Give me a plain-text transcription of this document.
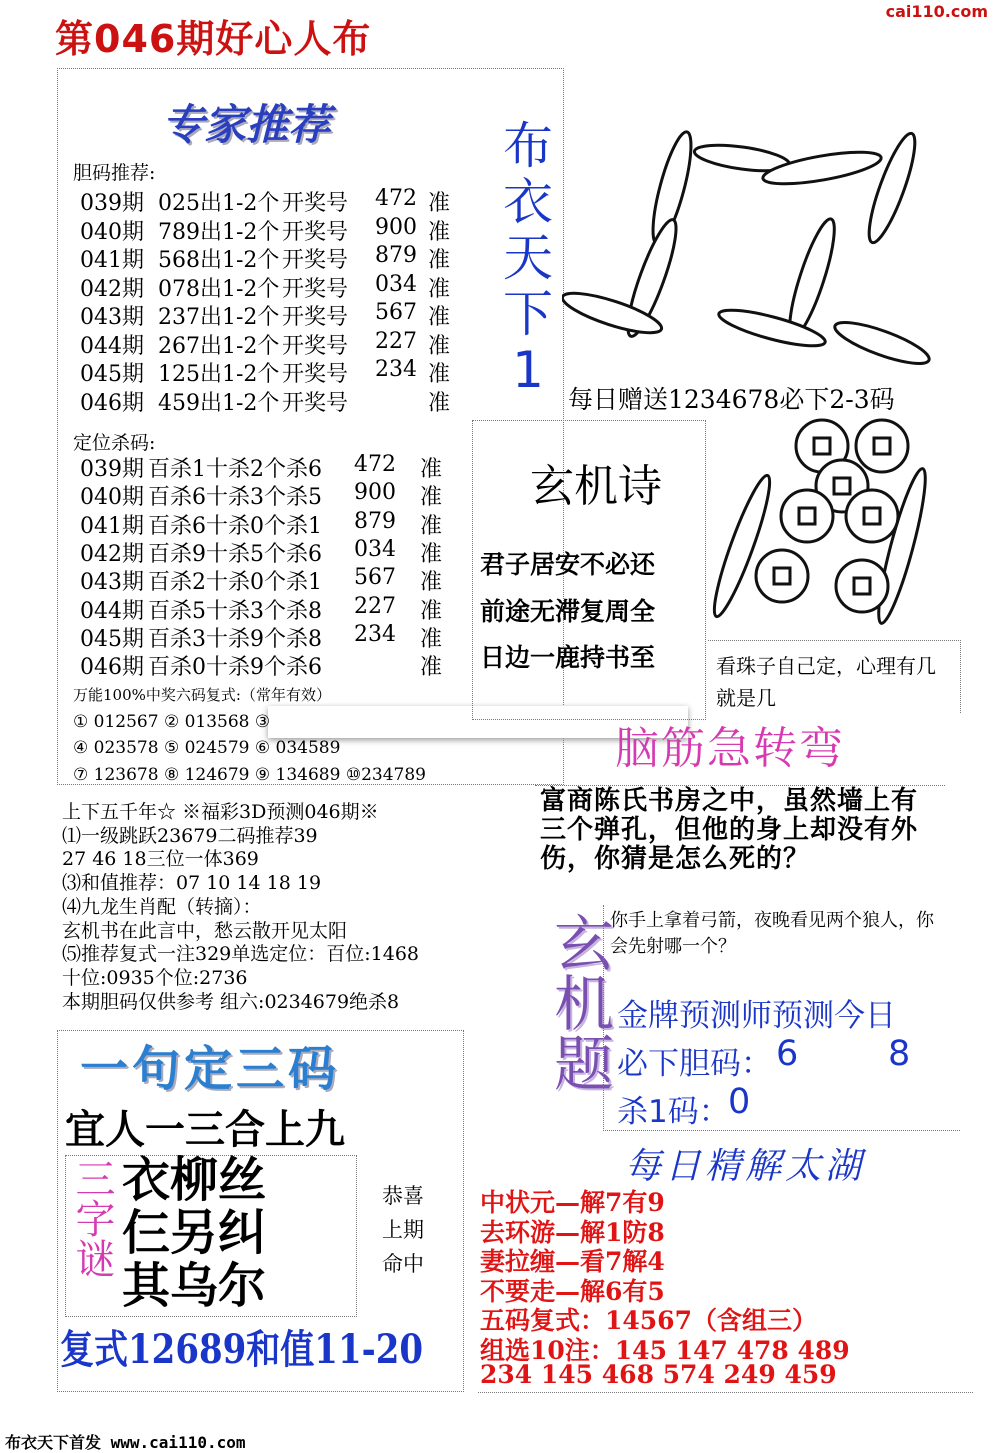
第046期好心人布
cai110.com
专家推荐
胆码推荐:
039期 025出1-2个 开奖号 472 准
040期 789出1-2个 开奖号 900 准
041期 568出1-2个 开奖号 879 准
042期 078出1-2个 开奖号 034 准
043期 237出1-2个 开奖号 567 准
044期 267出1-2个 开奖号 227 准
045期 125出1-2个 开奖号 234 准
046期 459出1-2个 开奖号	准
定位杀码:
039期 百杀1十杀2个杀6 472 准
040期 百杀6十杀3个杀5 900 准
041期 百杀6十杀0个杀1 879 准
042期 百杀9十杀5个杀6 034 准
043期 百杀2十杀0个杀1 567 准
044期 百杀5十杀3个杀8 227 准
045期 百杀3十杀9个杀8 234 准
046期 百杀0十杀9个杀6	准
万能100%中奖六码复式:（常年有效）
① 012567 ② 013568 ③
④ 023578 ⑤ 024579 ⑥ 034589
⑦ 123678 ⑧ 124679 ⑨ 134689 ⑩234789
布衣天下1
每日赠送1234678必下2-3码
玄机诗
君子居安不必还
前途无滞复周全
日边一鹿持书至	看珠子自己定，心理有几就是几
脑筋急转弯
富商陈氏书房之中，虽然墙上有三个弹孔，但他的身上却没有外伤，你猜是怎么死的？
上下五千年☆ ※福彩3D预测046期※
⑴一级跳跃23679二码推荐39
27 46 18三位一体369
⑶和值推荐：07 10 14 18 19
⑷九龙生肖配（转摘）：
玄机书在此言中，愁云散开见太阳
⑸推荐复式一注329单选定位：百位:1468
十位:0935个位:2736
本期胆码仅供参考 组六:0234679绝杀8 玄机题
你手上拿着弓箭，夜晚看见两个狼人，你会先射哪一个？
金牌预测师预测今日
必下胆码： 6	8
杀1码：
0
一句定三码
宜人一三合上九
三字谜 衣柳丝
仨另纠
其乌尔
恭喜
上期
命中
复式12689和值11-20
每日精解太湖
中状元—解7有9
去环游—解1防8
妻拉缠—看7解4
不要走—解6有5
五码复式：14567（含组三）
组选10注：145 147 478 489
234 145 468 574 249 459
布衣天下首发 www.cai110.com
